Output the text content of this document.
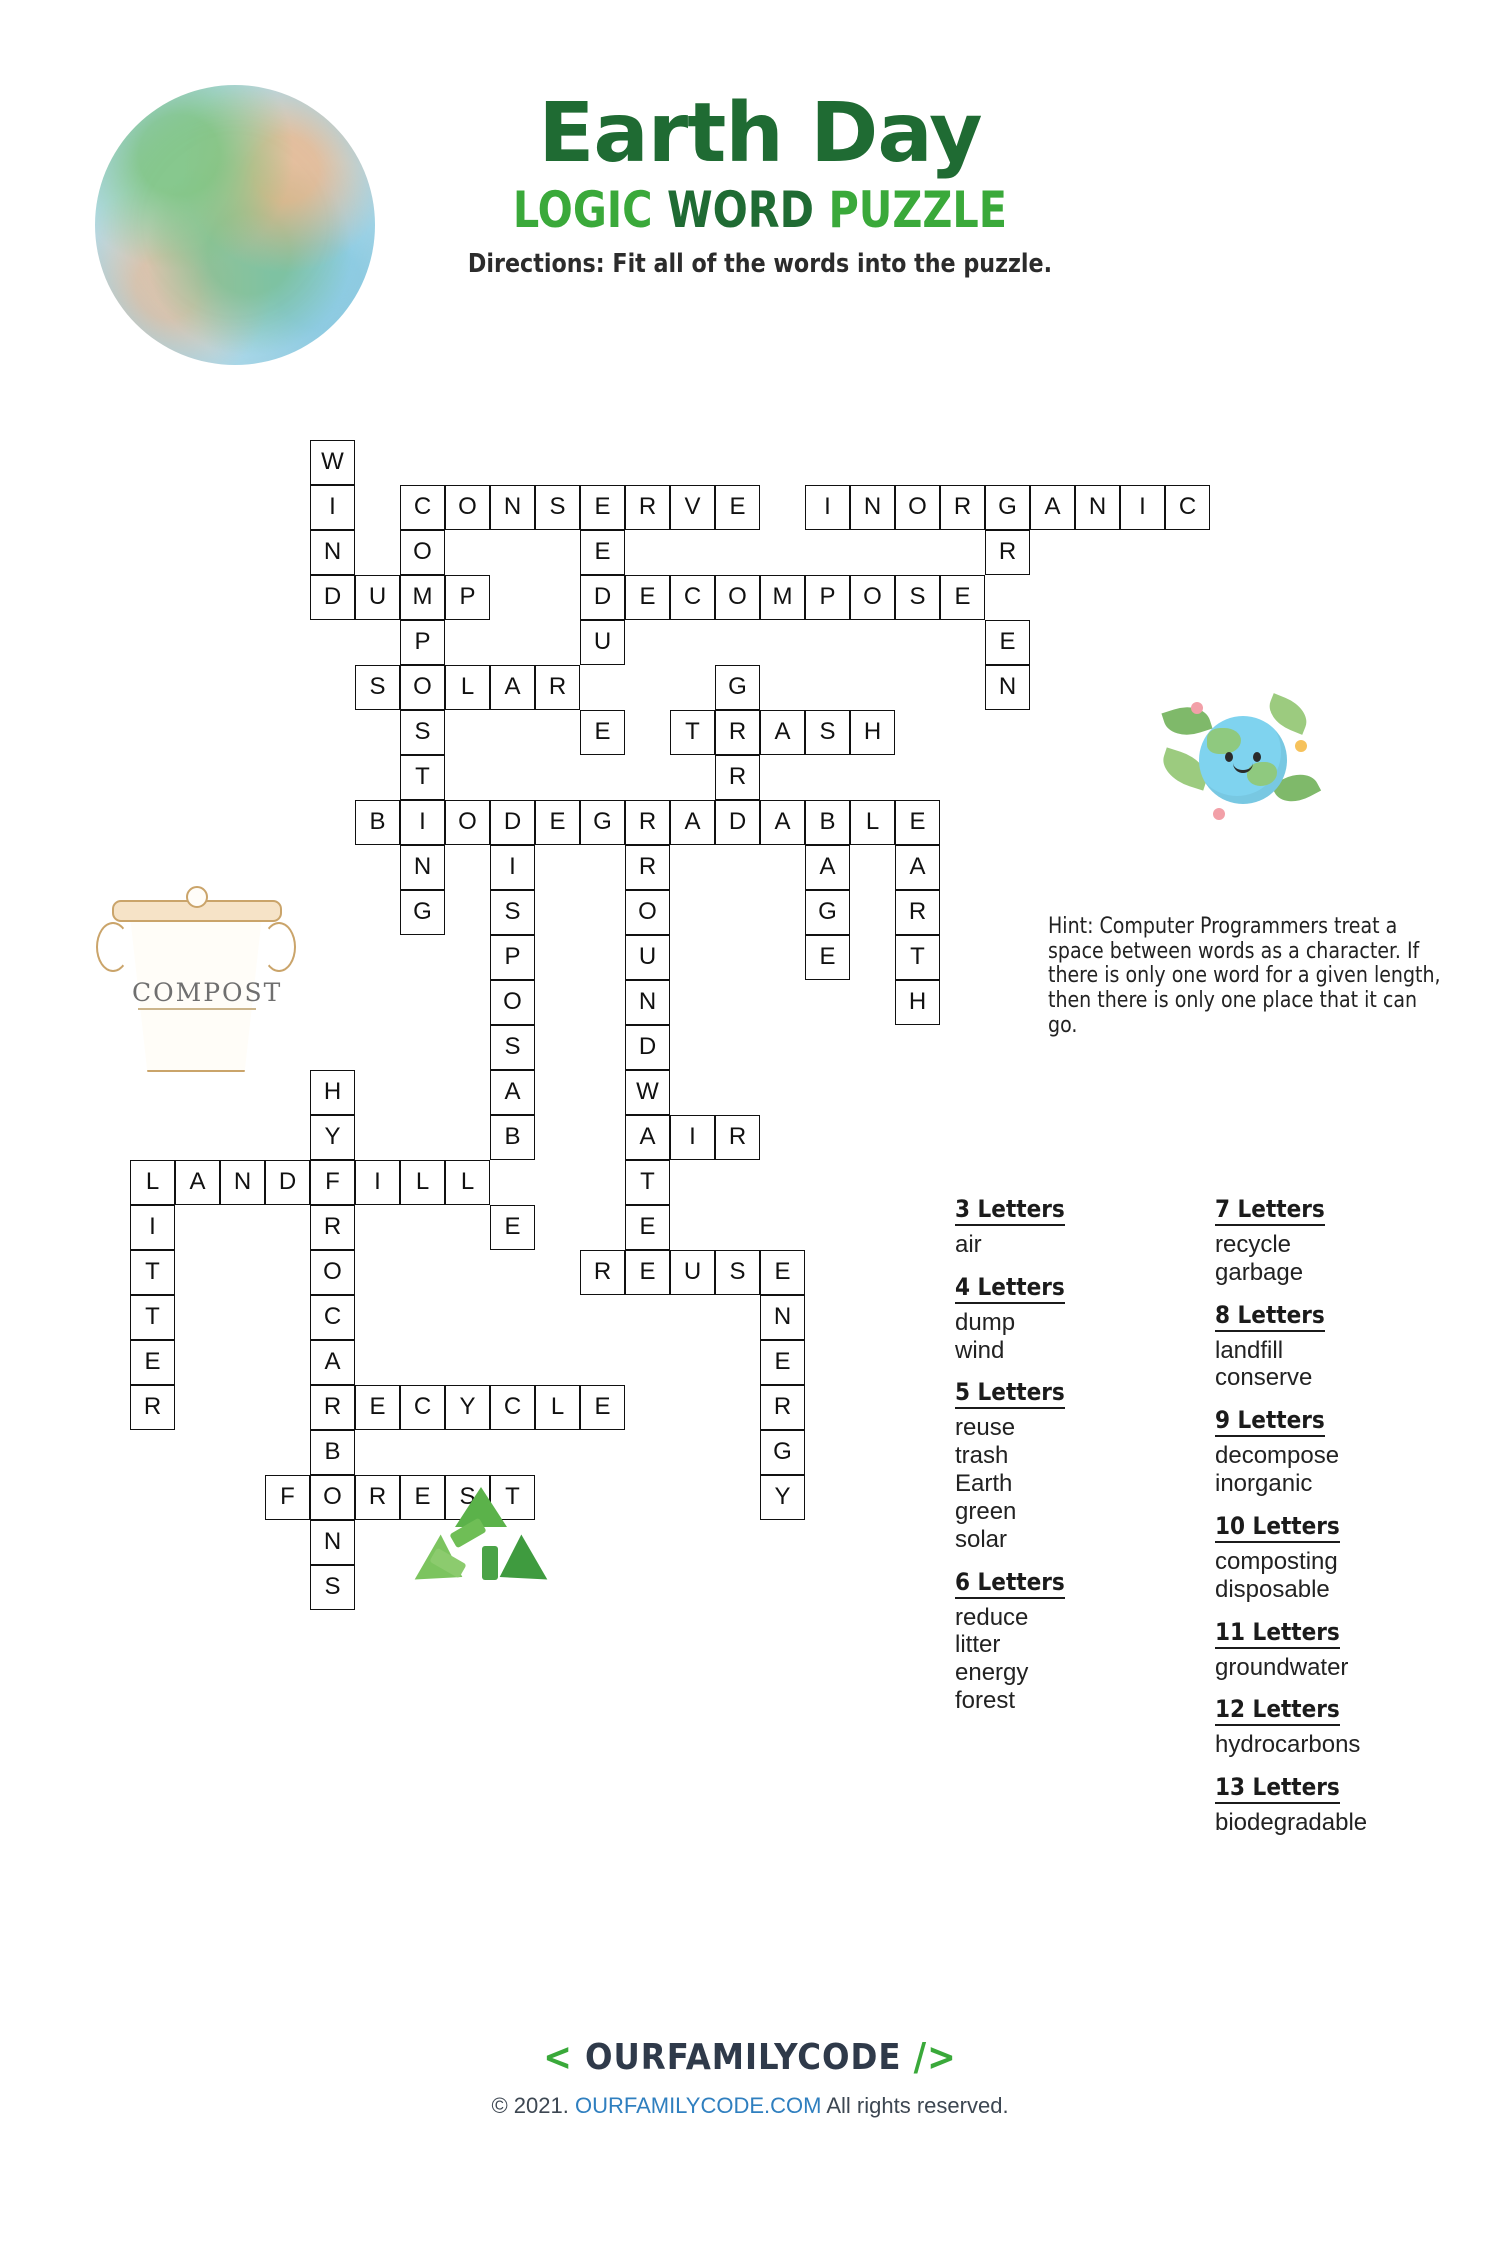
Earth Day
LOGIC WORD PUZZLE
Directions: Fit all of the words into the puzzle.
W
I	C	O	N	S	E	R	V	E	I	N	O	R	G	A	N	I	C
N	O	E	R
D	U	M	P	D	E	C	O	M	P	O	S	E
P	U	E
S	O	L	A	R	G	N
S	E	T	R	A	S	H
T	R
B	I	O	D	E	G	R	A	D	A	B	L	E
N	I	R	A	A
G	S	O	G	R
P	U	E	T
O	N	H
S	D
H	A	W
Y	B	A	I	R
L	A	N	D	F	I	L	L	T
I	R	E	E
T	O	R	E	U	S	E
T	C	N
E	A	E
R	R	E	C	Y	C	L	E	R
B	G
F	O	R	E	S	T	Y
N
S
COMPOST
Hint: Computer Programmers treat a space between words as a character. If there is only one word for a given length, then there is only one place that it can go.
3 Letters
air
4 Letters
dump
wind
5 Letters
reuse
trash
Earth
green
solar
6 Letters
reduce
litter
energy
forest
7 Letters
recycle
garbage
8 Letters
landfill
conserve
9 Letters
decompose
inorganic
10 Letters
composting
disposable
11 Letters
groundwater
12 Letters
hydrocarbons
13 Letters
biodegradable
< OURFAMILYCODE />
© 2021. OURFAMILYCODE.COM All rights reserved.
